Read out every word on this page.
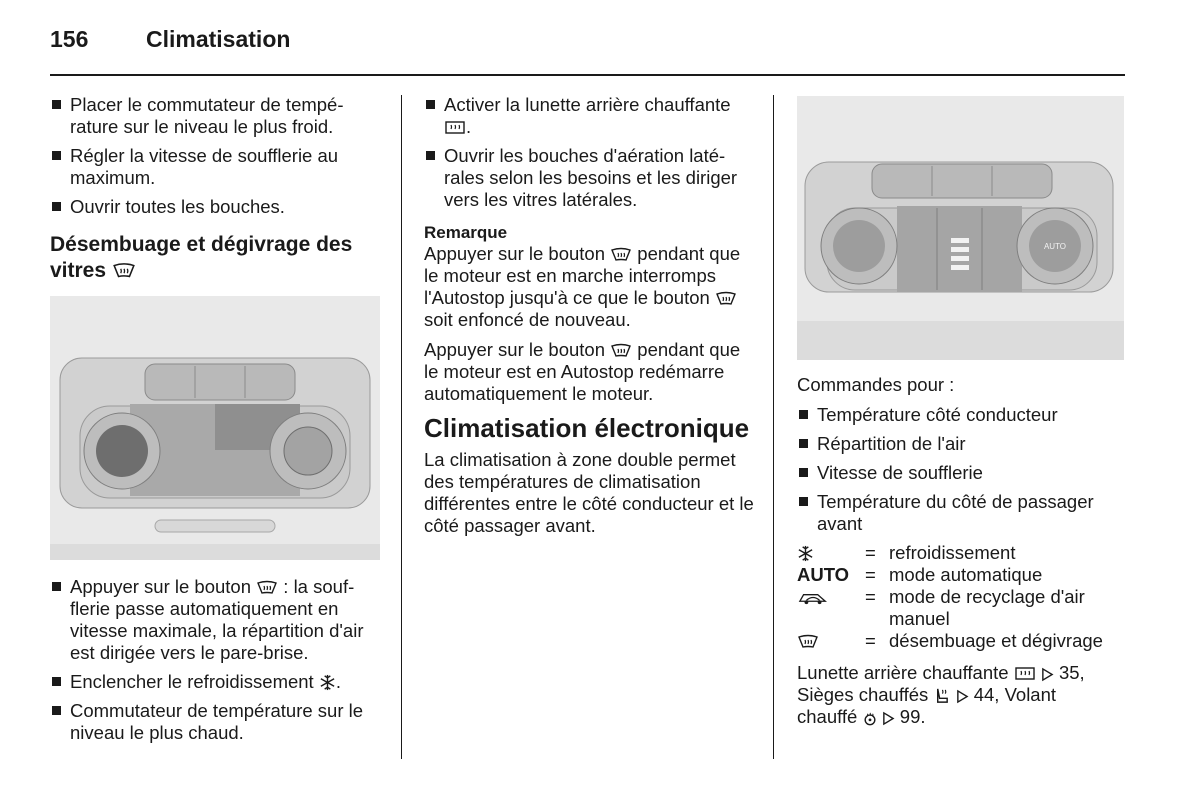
156	Climatisation
Placer le commutateur de température sur le niveau le plus froid.
Régler la vitesse de soufflerie au maximum.
Ouvrir toutes les bouches.
Désembuage et dégivrage des vitres
Appuyer sur le bouton : la soufflerie passe automatiquement en vitesse maximale, la répartition d'air est dirigée vers le pare-brise.
Enclencher le refroidissement .
Commutateur de température sur le niveau le plus chaud.
Activer la lunette arrière chauffante
.
Ouvrir les bouches d'aération latérales selon les besoins et les diriger vers les vitres latérales.
Remarque
Appuyer sur le bouton pendant que le moteur est en marche interromps l'Autostop jusqu'à ce que le bouton
soit enfoncé de nouveau.
Appuyer sur le bouton pendant que le moteur est en Autostop redémarre automatiquement le moteur.
Climatisation électronique
La climatisation à zone double permet des températures de climatisation différentes entre le côté conducteur et le côté passager avant.
AUTO
Commandes pour :
Température côté conducteur
Répartition de l'air
Vitesse de soufflerie
Température du côté de passager avant
= refroidissement
AUTO = mode automatique
= mode de recyclage d'air manuel
= désembuage et dégivrage
Lunette arrière chauffante
	35,
Sièges chauffés
44, Volant
chauffé
99.
